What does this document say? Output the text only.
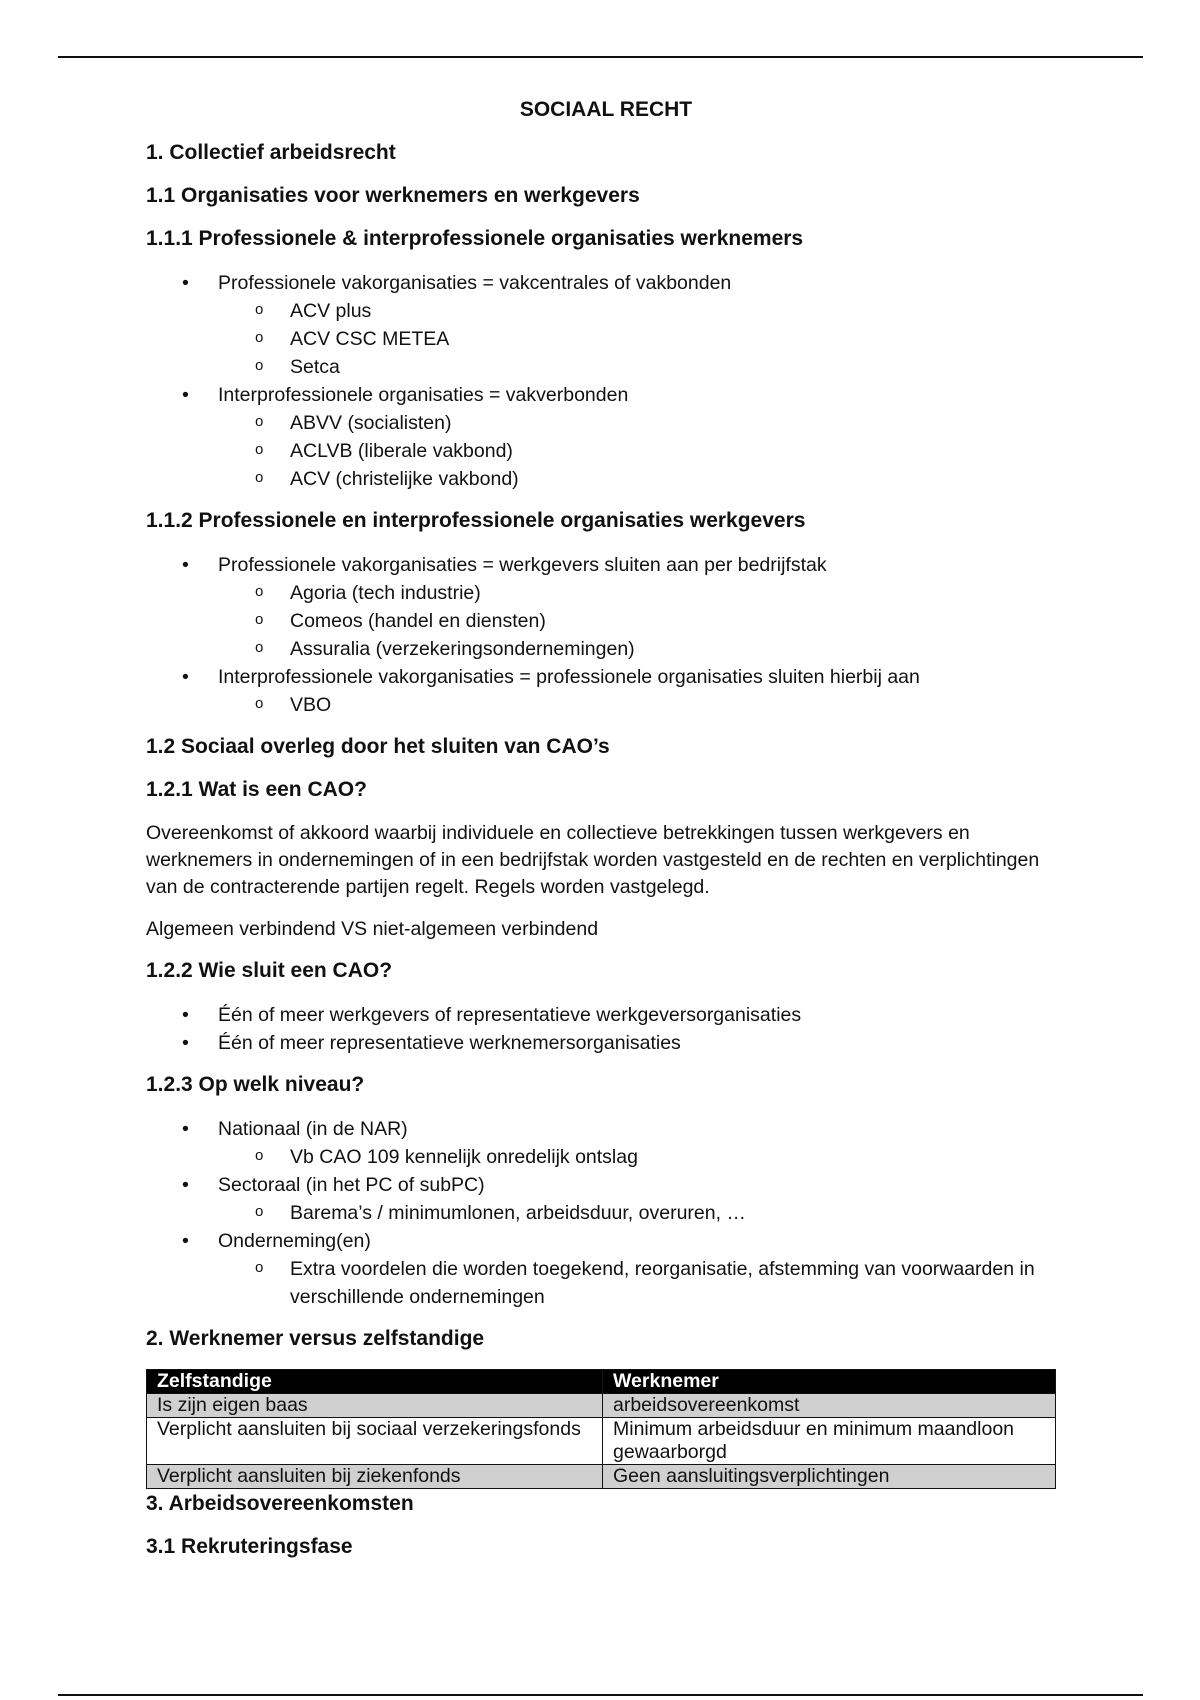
SOCIAAL RECHT
1. Collectief arbeidsrecht
1.1 Organisaties voor werknemers en werkgevers
1.1.1 Professionele & interprofessionele organisaties werknemers
• Professionele vakorganisaties = vakcentrales of vakbonden
o ACV plus
o ACV CSC METEA
o Setca
• Interprofessionele organisaties = vakverbonden
o ABVV (socialisten)
o ACLVB (liberale vakbond)
o ACV (christelijke vakbond)
1.1.2 Professionele en interprofessionele organisaties werkgevers
• Professionele vakorganisaties = werkgevers sluiten aan per bedrijfstak
o Agoria (tech industrie)
o Comeos (handel en diensten)
o Assuralia (verzekeringsondernemingen)
• Interprofessionele vakorganisaties = professionele organisaties sluiten hierbij aan
o VBO
1.2 Sociaal overleg door het sluiten van CAO’s
1.2.1 Wat is een CAO?

Overeenkomst of akkoord waarbij individuele en collectieve betrekkingen tussen werkgevers en werknemers in ondernemingen of in een bedrijfstak worden vastgesteld en de rechten en verplichtingen van de contracterende partijen regelt. Regels worden vastgelegd.

Algemeen verbindend VS niet-algemeen verbindend

1.2.2 Wie sluit een CAO?
• Één of meer werkgevers of representatieve werkgeversorganisaties
• Één of meer representatieve werknemersorganisaties
1.2.3 Op welk niveau?
• Nationaal (in de NAR)
o Vb CAO 109 kennelijk onredelijk ontslag
• Sectoraal (in het PC of subPC)
o Barema’s / minimumlonen, arbeidsduur, overuren, …
• Onderneming(en)
o Extra voordelen die worden toegekend, reorganisatie, afstemming van voorwaarden in verschillende ondernemingen
2. Werknemer versus zelfstandige
Zelfstandige	Werknemer
Is zijn eigen baas	arbeidsovereenkomst
Verplicht aansluiten bij sociaal verzekeringsfonds	Minimum arbeidsduur en minimum maandloon gewaarborgd
Verplicht aansluiten bij ziekenfonds	Geen aansluitingsverplichtingen
3. Arbeidsovereenkomsten
3.1 Rekruteringsfase
